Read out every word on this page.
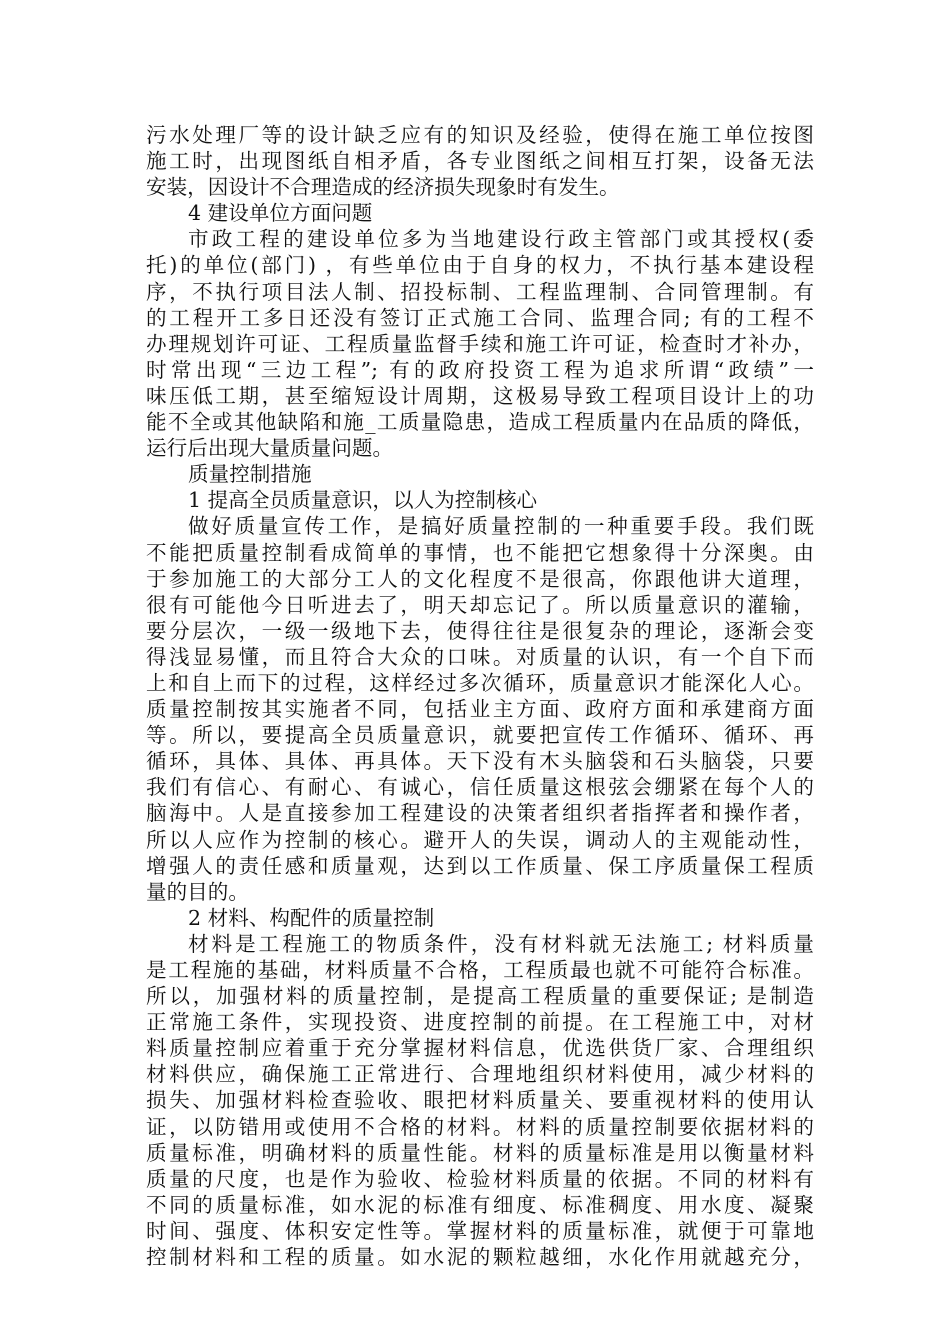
污水处理厂等的设计缺乏应有的知识及经验，使得在施工单位按图
施工时，出现图纸自相矛盾，各专业图纸之间相互打架，设备无法
安装，因设计不合理造成的经济损失现象时有发生。
4 建设单位方面问题
市政工程的建设单位多为当地建设行政主管部门或其授权(委
托)的单位(部门) ，有些单位由于自身的权力，不执行基本建设程
序，不执行项目法人制、招投标制、工程监理制、合同管理制。有
的工程开工多日还没有签订正式施工合同、监理合同; 有的工程不
办理规划许可证、工程质量监督手续和施工许可证，检查时才补办，
时常出现“三边工程”; 有的政府投资工程为追求所谓“政绩”一
味压低工期，甚至缩短设计周期，这极易导致工程项目设计上的功
能不全或其他缺陷和施_工质量隐患，造成工程质量内在品质的降低，
运行后出现大量质量问题。
质量控制措施
1 提高全员质量意识，以人为控制核心
做好质量宣传工作，是搞好质量控制的一种重要手段。我们既
不能把质量控制看成简单的事情，也不能把它想象得十分深奥。由
于参加施工的大部分工人的文化程度不是很高，你跟他讲大道理，
很有可能他今日听进去了，明天却忘记了。所以质量意识的灌输，
要分层次，一级一级地下去，使得往往是很复杂的理论，逐渐会变
得浅显易懂，而且符合大众的口味。对质量的认识，有一个自下而
上和自上而下的过程，这样经过多次循环，质量意识才能深化人心。
质量控制按其实施者不同，包括业主方面、政府方面和承建商方面
等。所以，要提高全员质量意识，就要把宣传工作循环、循环、再
循环，具体、具体、再具体。天下没有木头脑袋和石头脑袋，只要
我们有信心、有耐心、有诚心，信任质量这根弦会绷紧在每个人的
脑海中。人是直接参加工程建设的决策者组织者指挥者和操作者，
所以人应作为控制的核心。避开人的失误，调动人的主观能动性，
增强人的责任感和质量观，达到以工作质量、保工序质量保工程质
量的目的。
2 材料、构配件的质量控制
材料是工程施工的物质条件，没有材料就无法施工; 材料质量
是工程施的基础，材料质量不合格，工程质最也就不可能符合标准。
所以，加强材料的质量控制，是提高工程质量的重要保证; 是制造
正常施工条件，实现投资、进度控制的前提。在工程施工中，对材
料质量控制应着重于充分掌握材料信息，优选供货厂家、合理组织
材料供应，确保施工正常进行、合理地组织材料使用，减少材料的
损失、加强材料检查验收、眼把材料质量关、要重视材料的使用认
证，以防错用或使用不合格的材料。材料的质量控制要依据材料的
质量标准，明确材料的质量性能。材料的质量标准是用以衡量材料
质量的尺度，也是作为验收、检验材料质量的依据。不同的材料有
不同的质量标准，如水泥的标准有细度、标准稠度、用水度、凝聚
时间、强度、体积安定性等。掌握材料的质量标准，就便于可靠地
控制材料和工程的质量。如水泥的颗粒越细，水化作用就越充分，
